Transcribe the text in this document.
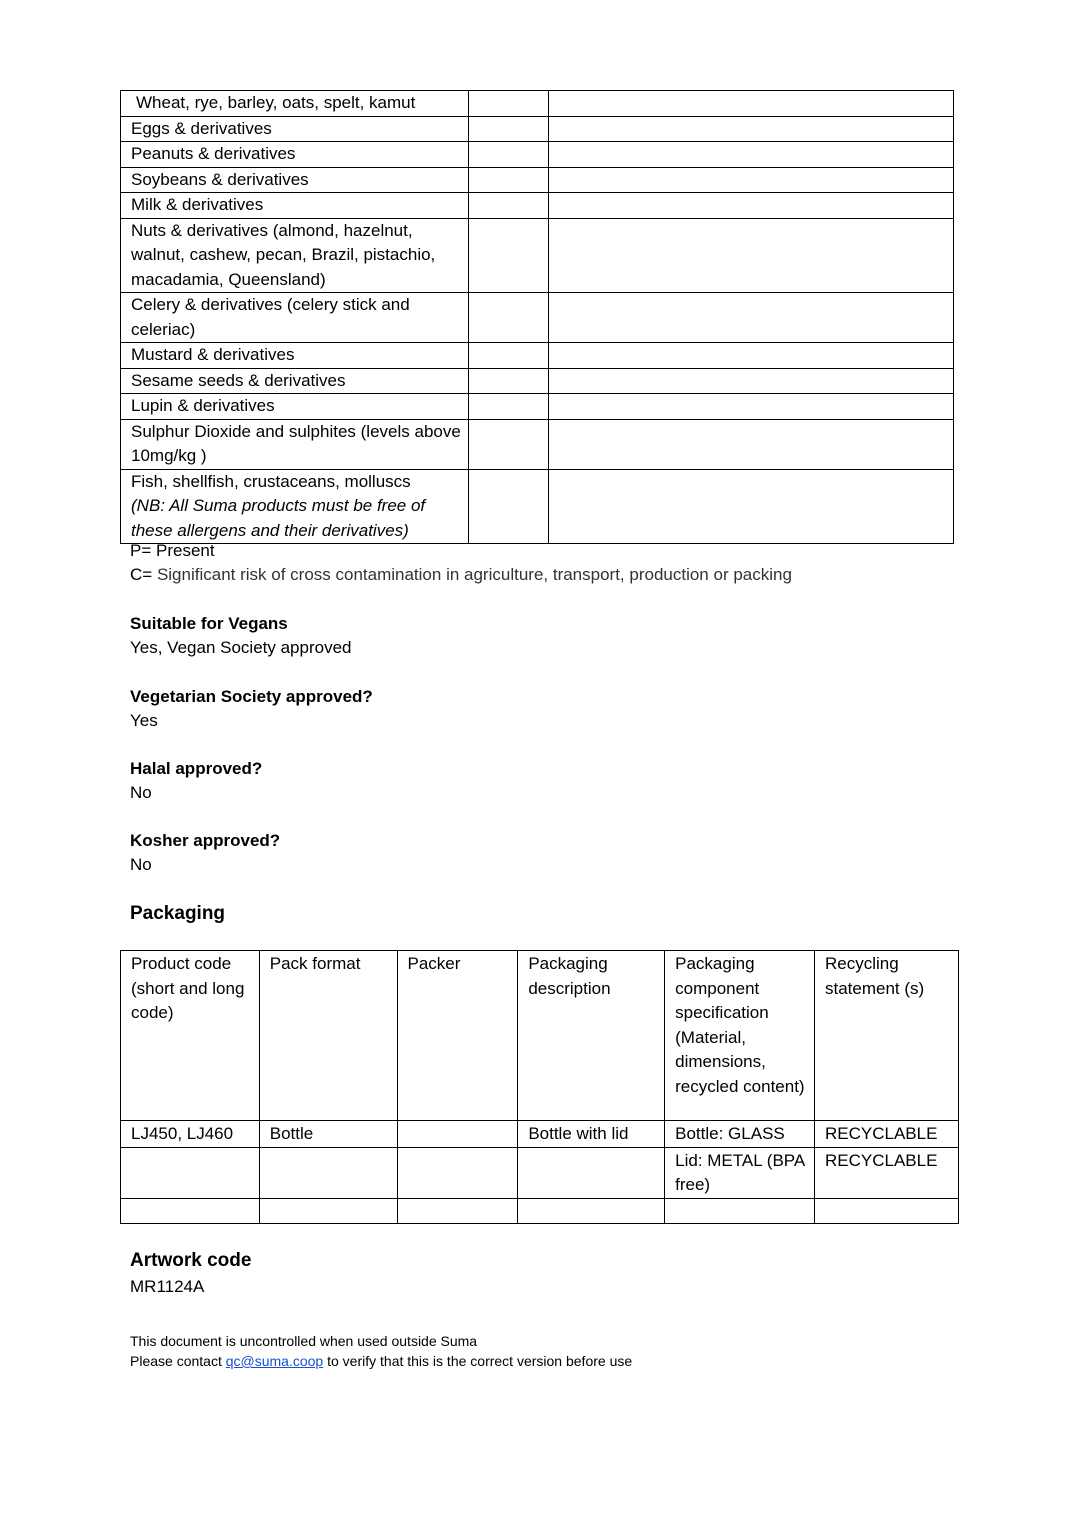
Wheat, rye, barley, oats, spelt, kamut		
Eggs & derivatives		
Peanuts & derivatives		
Soybeans & derivatives		
Milk & derivatives		
Nuts & derivatives (almond, hazelnut, walnut, cashew, pecan, Brazil, pistachio, macadamia, Queensland)		
Celery & derivatives (celery stick and celeriac)		
Mustard & derivatives		
Sesame seeds & derivatives		
Lupin & derivatives		
Sulphur Dioxide and sulphites (levels above 10mg/kg )		
Fish, shellfish, crustaceans, molluscs
(NB: All Suma products must be free of these allergens and their derivatives)		
P= Present
C= Significant risk of cross contamination in agriculture, transport, production or packing
Suitable for Vegans
Yes, Vegan Society approved
Vegetarian Society approved?
Yes
Halal approved?
No
Kosher approved?
No
Packaging
Product code (short and long code)	Pack format	Packer	Packaging description	Packaging component specification (Material, dimensions, recycled content)	Recycling statement (s)
LJ450, LJ460	Bottle		Bottle with lid	Bottle: GLASS	RECYCLABLE
				Lid: METAL (BPA free)	RECYCLABLE

Artwork code
MR1124A
This document is uncontrolled when used outside Suma
Please contact qc@suma.coop to verify that this is the correct version before use
